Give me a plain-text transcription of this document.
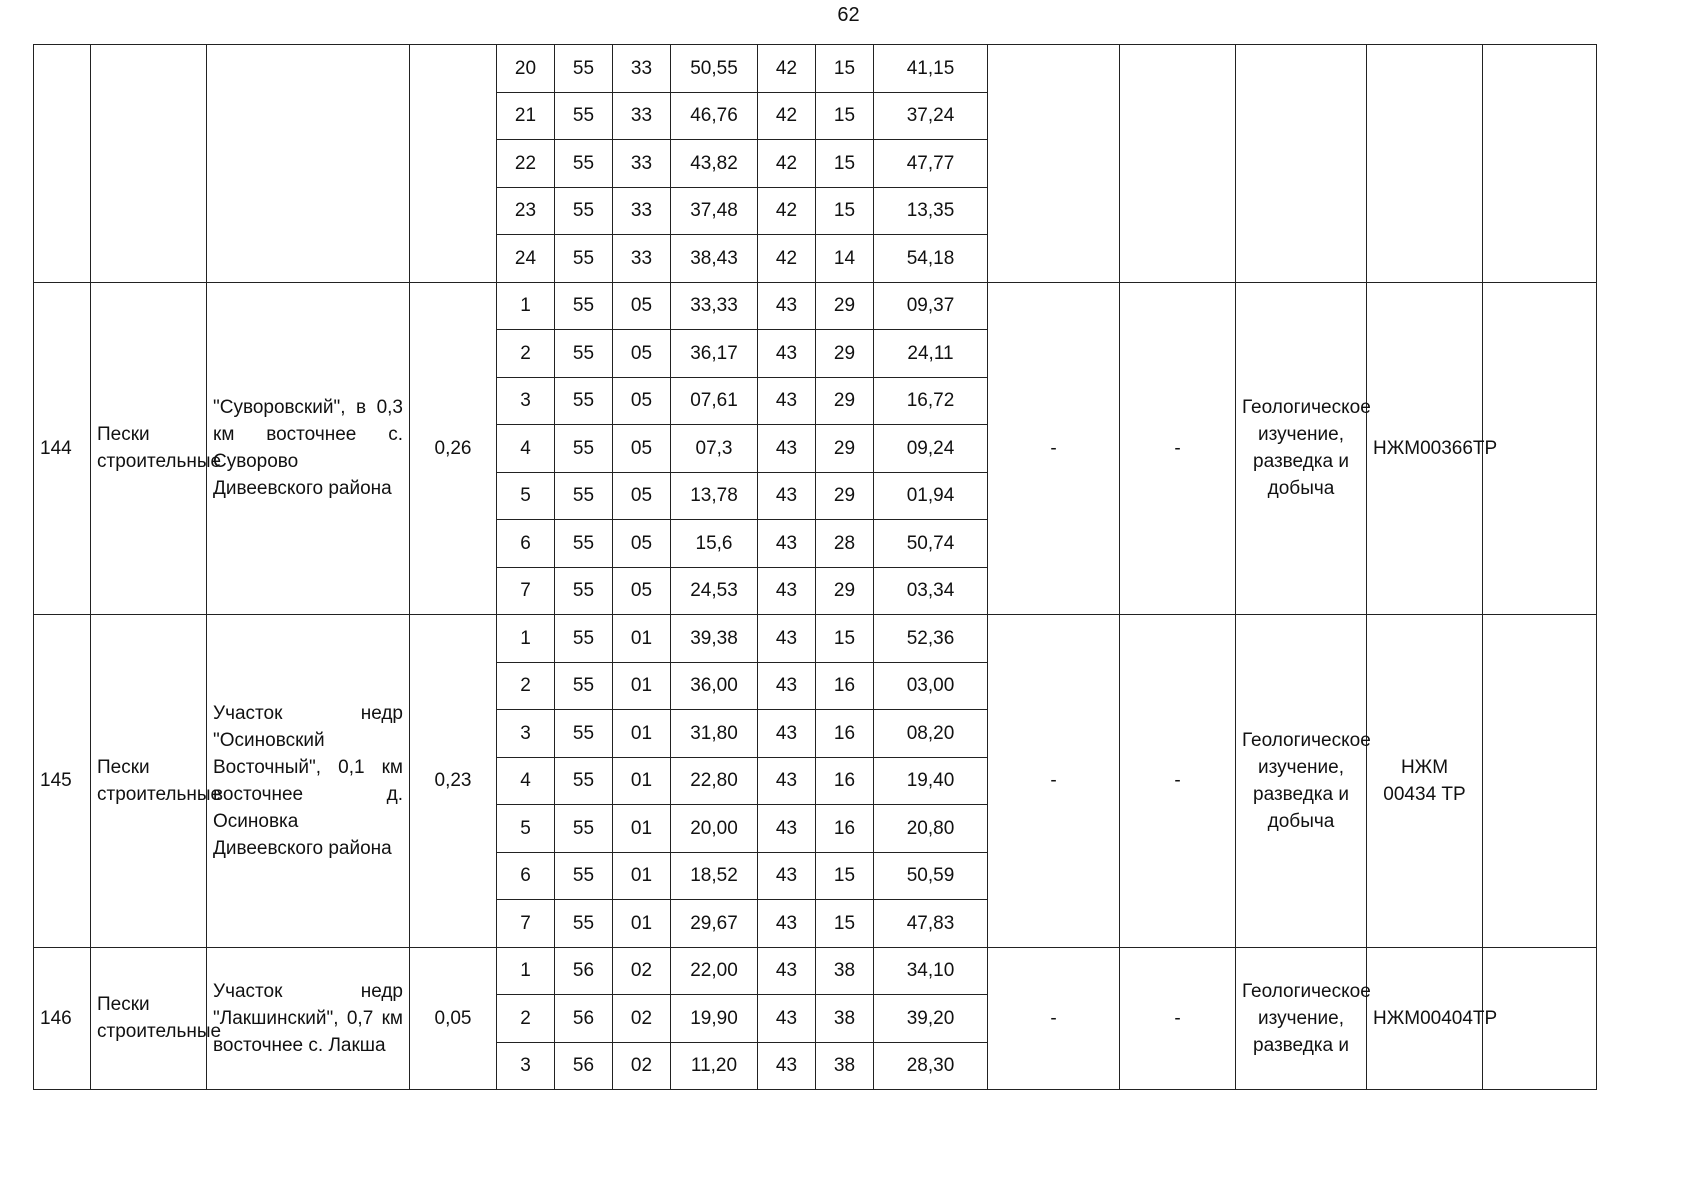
62
				20	55	33	50,55	42	15	41,15					
				21	55	33	46,76	42	15	37,24					
				22	55	33	43,82	42	15	47,77					
				23	55	33	37,48	42	15	13,35					
				24	55	33	38,43	42	14	54,18					
144	Пески строительные	"Суворовский", в 0,3 км восточнее с. Суворово Дивеевского района	0,26	1	55	05	33,33	43	29	09,37	-	-	Геологическое изучение, разведка и добыча	НЖМ00366ТР	
				2	55	05	36,17	43	29	24,11					
				3	55	05	07,61	43	29	16,72					
				4	55	05	07,3	43	29	09,24					
				5	55	05	13,78	43	29	01,94					
				6	55	05	15,6	43	28	50,74					
				7	55	05	24,53	43	29	03,34					
145	Пески строительные	Участок недр "Осиновский Восточный", 0,1 км восточнее д. Осиновка Дивеевского района	0,23	1	55	01	39,38	43	15	52,36	-	-	Геологическое изучение, разведка и добыча	НЖМ 00434 ТР	
				2	55	01	36,00	43	16	03,00					
				3	55	01	31,80	43	16	08,20					
				4	55	01	22,80	43	16	19,40					
				5	55	01	20,00	43	16	20,80					
				6	55	01	18,52	43	15	50,59					
				7	55	01	29,67	43	15	47,83					
146	Пески строительные	Участок недр "Лакшинский", 0,7 км восточнее с. Лакша	0,05	1	56	02	22,00	43	38	34,10	-	-	Геологическое изучение, разведка и	НЖМ00404ТР	
				2	56	02	19,90	43	38	39,20					
				3	56	02	11,20	43	38	28,30					
